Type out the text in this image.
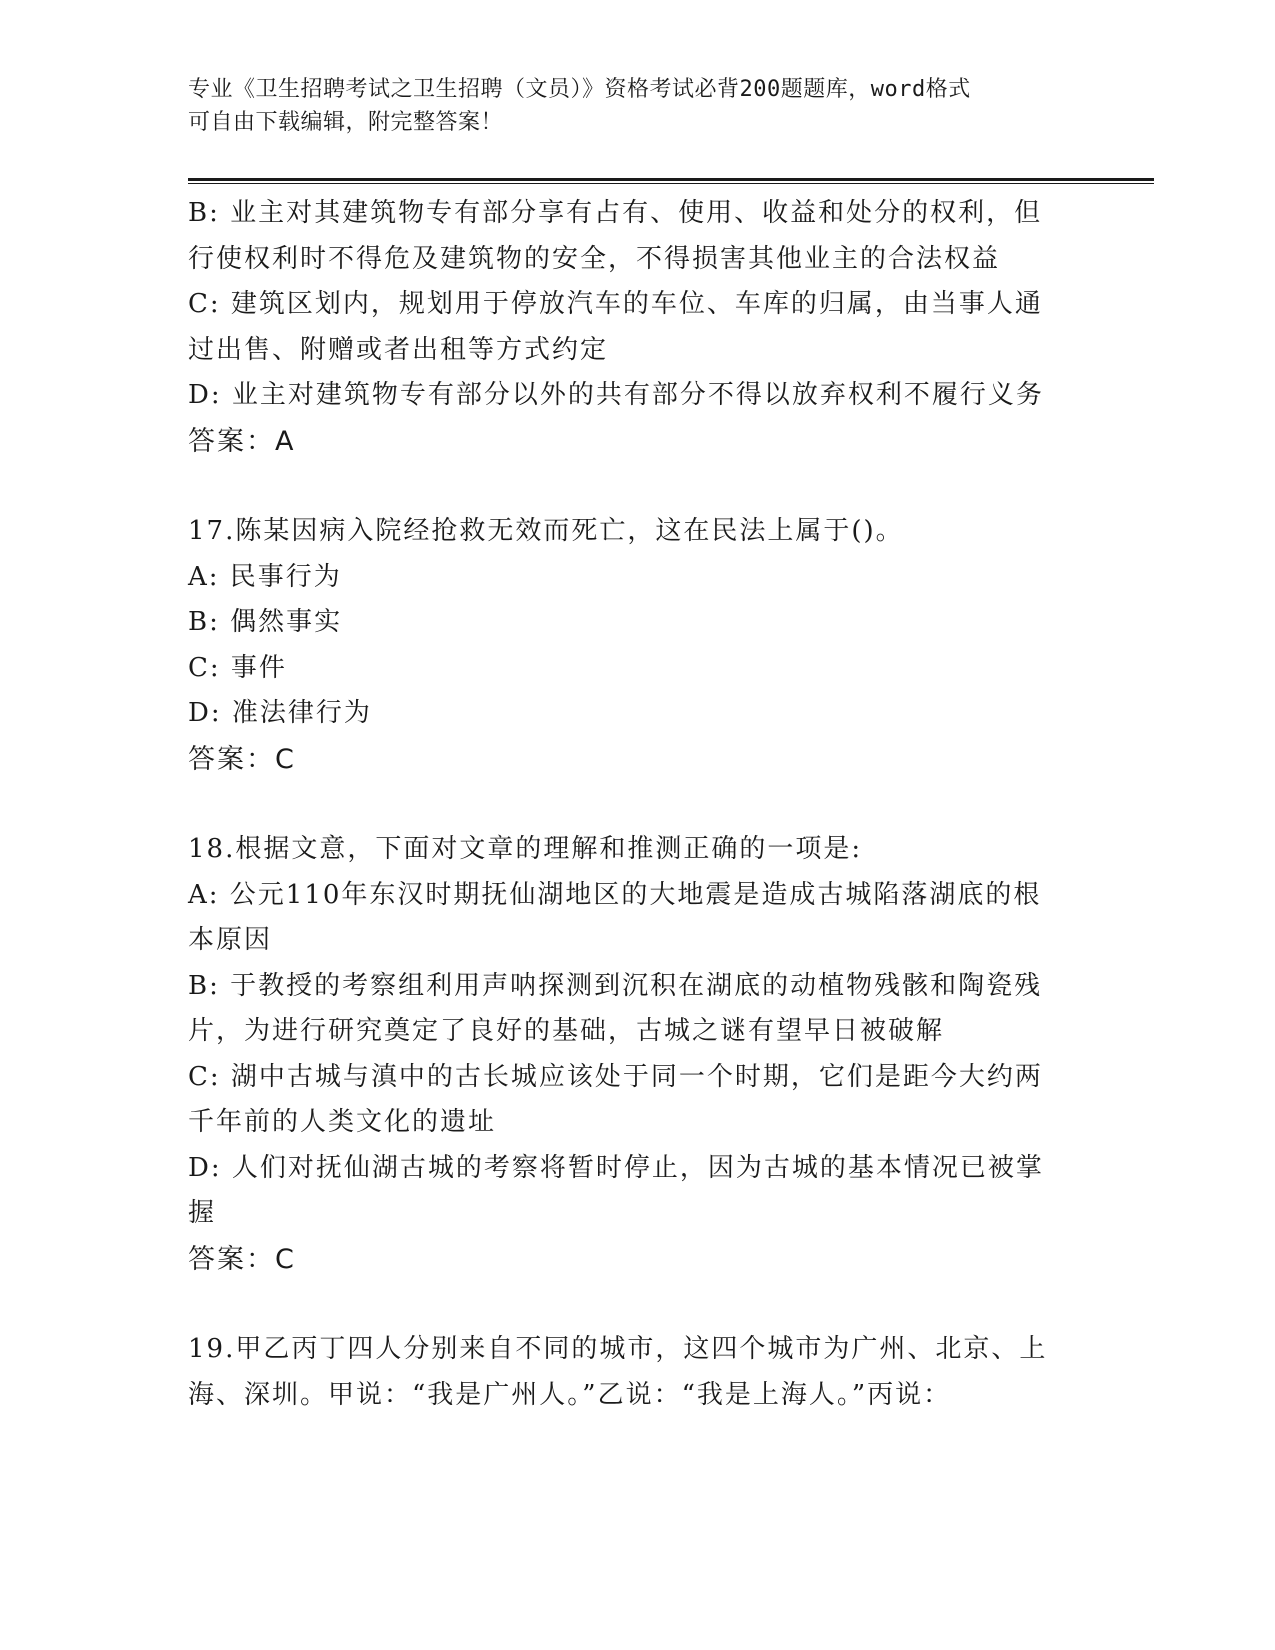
专业《卫生招聘考试之卫生招聘（文员）》资格考试必背200题题库，word格式
可自由下载编辑，附完整答案！
B: 业主对其建筑物专有部分享有占有、使用、收益和处分的权利，但
行使权利时不得危及建筑物的安全，不得损害其他业主的合法权益
C: 建筑区划内，规划用于停放汽车的车位、车库的归属，由当事人通
过出售、附赠或者出租等方式约定
D: 业主对建筑物专有部分以外的共有部分不得以放弃权利不履行义务
答案：A
17.陈某因病入院经抢救无效而死亡，这在民法上属于()。
A: 民事行为
B: 偶然事实
C: 事件
D: 准法律行为
答案：C
18.根据文意，下面对文章的理解和推测正确的一项是:
A: 公元110年东汉时期抚仙湖地区的大地震是造成古城陷落湖底的根
本原因
B: 于教授的考察组利用声呐探测到沉积在湖底的动植物残骸和陶瓷残
片，为进行研究奠定了良好的基础，古城之谜有望早日被破解
C: 湖中古城与滇中的古长城应该处于同一个时期，它们是距今大约两
千年前的人类文化的遗址
D: 人们对抚仙湖古城的考察将暂时停止，因为古城的基本情况已被掌
握
答案：C
19.甲乙丙丁四人分别来自不同的城市，这四个城市为广州、北京、上
海、深圳。甲说：“我是广州人。”乙说：“我是上海人。”丙说：
